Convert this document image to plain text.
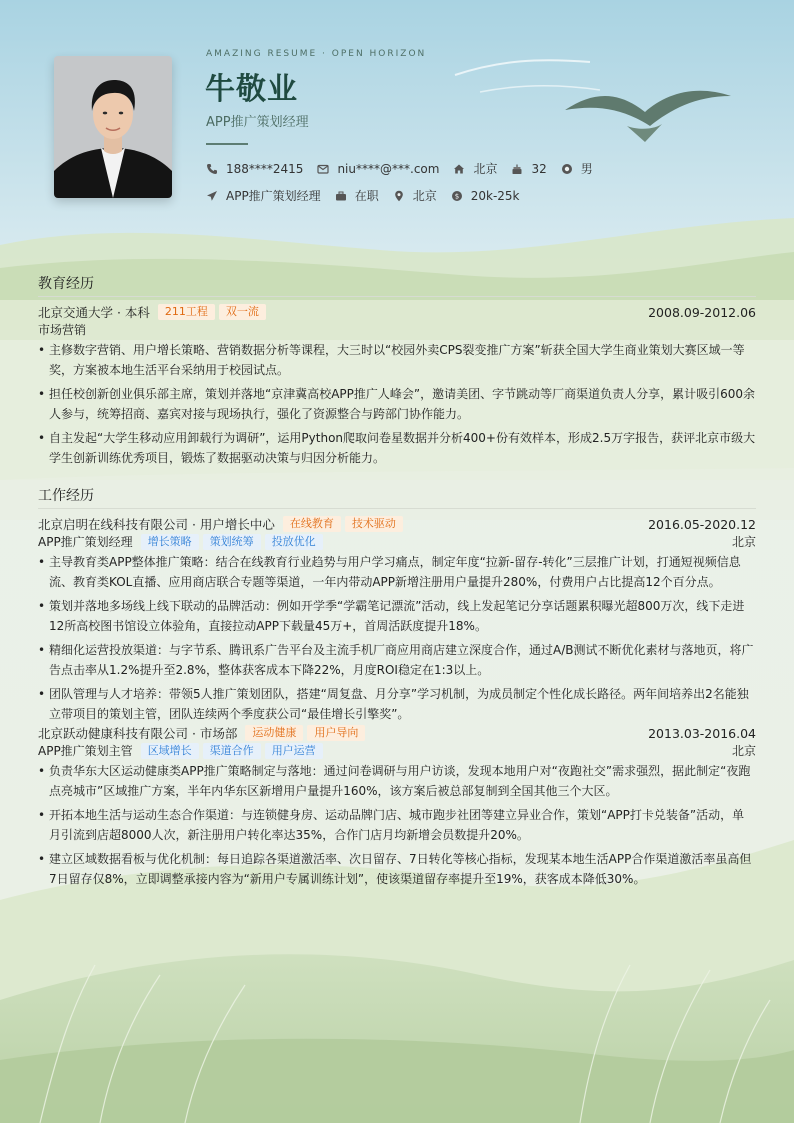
AMAZING RESUME · OPEN HORIZON
牛敬业
APP推广策划经理
188****2415	niu****@***.com	北京	32	男
APP推广策划经理	在职	北京	$ 20k-25k
教育经历
北京交通大学 · 本科	211工程	双一流	2008.09-2012.06
市场营销
• 主修数字营销、用户增长策略、营销数据分析等课程，大三时以“校园外卖CPS裂变推广方案”斩获全国大学生商业策划大赛区域一等奖，方案被本地生活平台采纳用于校园试点。
• 担任校创新创业俱乐部主席，策划并落地“京津冀高校APP推广人峰会”，邀请美团、字节跳动等厂商渠道负责人分享，累计吸引600余人参与，统筹招商、嘉宾对接与现场执行，强化了资源整合与跨部门协作能力。
• 自主发起“大学生移动应用卸载行为调研”，运用Python爬取问卷星数据并分析400+份有效样本，形成2.5万字报告，获评北京市级大学生创新训练优秀项目，锻炼了数据驱动决策与归因分析能力。
工作经历
北京启明在线科技有限公司 · 用户增长中心	在线教育	技术驱动	2016.05-2020.12
APP推广策划经理	增长策略	策划统筹	投放优化	北京
• 主导教育类APP整体推广策略：结合在线教育行业趋势与用户学习痛点，制定年度“拉新-留存-转化”三层推广计划，打通短视频信息流、教育类KOL直播、应用商店联合专题等渠道，一年内带动APP新增注册用户量提升280%，付费用户占比提高12个百分点。
• 策划并落地多场线上线下联动的品牌活动：例如开学季“学霸笔记漂流”活动，线上发起笔记分享话题累积曝光超800万次，线下走进12所高校图书馆设立体验角，直接拉动APP下载量45万+，首周活跃度提升18%。
• 精细化运营投放渠道：与字节系、腾讯系广告平台及主流手机厂商应用商店建立深度合作，通过A/B测试不断优化素材与落地页，将广告点击率从1.2%提升至2.8%，整体获客成本下降22%，月度ROI稳定在1:3以上。
• 团队管理与人才培养：带领5人推广策划团队，搭建“周复盘、月分享”学习机制，为成员制定个性化成长路径。两年间培养出2名能独立带项目的策划主管，团队连续两个季度获公司“最佳增长引擎奖”。
北京跃动健康科技有限公司 · 市场部	运动健康	用户导向	2013.03-2016.04
APP推广策划主管	区域增长	渠道合作	用户运营	北京
• 负责华东大区运动健康类APP推广策略制定与落地：通过问卷调研与用户访谈，发现本地用户对“夜跑社交”需求强烈，据此制定“夜跑点亮城市”区域推广方案，半年内华东区新增用户量提升160%，该方案后被总部复制到全国其他三个大区。
• 开拓本地生活与运动生态合作渠道：与连锁健身房、运动品牌门店、城市跑步社团等建立异业合作，策划“APP打卡兑装备”活动，单月引流到店超8000人次，新注册用户转化率达35%，合作门店月均新增会员数提升20%。
• 建立区域数据看板与优化机制：每日追踪各渠道激活率、次日留存、7日转化等核心指标，发现某本地生活APP合作渠道激活率虽高但7日留存仅8%，立即调整承接内容为“新用户专属训练计划”，使该渠道留存率提升至19%，获客成本降低30%。
